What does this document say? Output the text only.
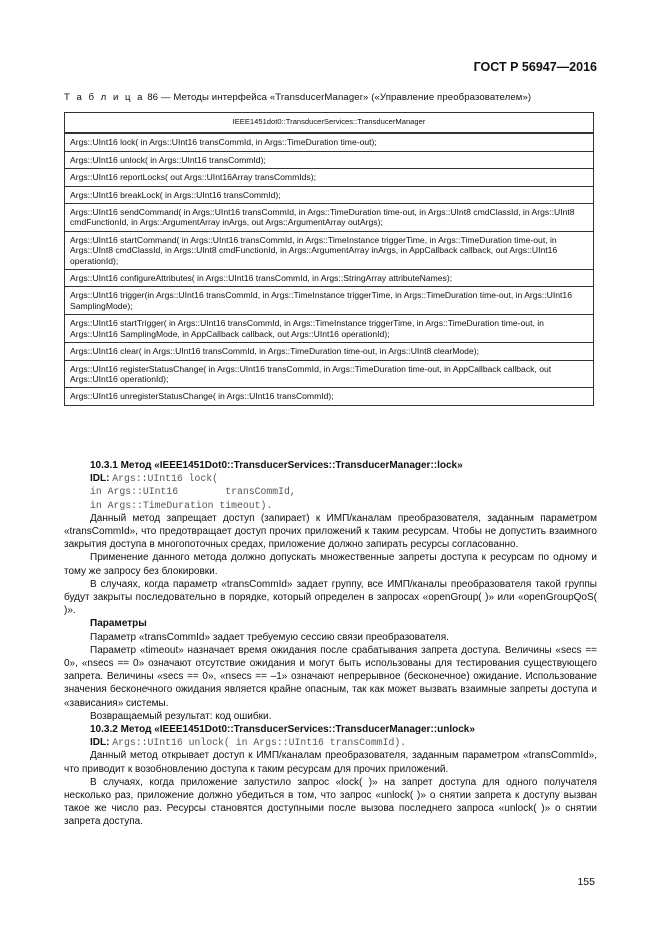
ГОСТ Р 56947—2016
Т а б л и ц а 86 — Методы интерфейса «TransducerManager» («Управление преобразователем»)
IEEE1451dot0::TransducerServices::TransducerManager
Args::UInt16 lock( in Args::UInt16 transCommId, in Args::TimeDuration time-out);
Args::UInt16 unlock( in Args::UInt16 transCommId);
Args::UInt16 reportLocks( out Args::UInt16Array transCommIds);
Args::UInt16 breakLock( in Args::UInt16 transCommId);
Args::UInt16 sendCommand( in Args::UInt16 transCommId, in Args::TimeDuration time-out, in Args::UInt8 cmdClassId, in Args::UInt8 cmdFunctionId, in Args::ArgumentArray inArgs, out Args::ArgumentArray outArgs);
Args::UInt16 startCommand( in Args::UInt16 transCommId, in Args::TimeInstance triggerTime, in Args::TimeDuration time-out, in Args::UInt8 cmdClassId, in Args::UInt8 cmdFunctionId, in Args::ArgumentArray inArgs, in AppCallback callback, out Args::UInt16 operationId);
Args::UInt16 configureAttributes( in Args::UInt16 transCommId, in Args::StringArray attributeNames);
Args::UInt16 trigger(in Args::UInt16 transCommId, in Args::TimeInstance triggerTime, in Args::TimeDuration time-out, in Args::UInt16 SamplingMode);
Args::UInt16 startTrigger( in Args::UInt16 transCommId, in Args::TimeInstance triggerTime, in Args::TimeDuration time-out, in Args::UInt16 SamplingMode, in AppCallback callback, out Args::UInt16 operationId);
Args::UInt16 clear( in Args::UInt16 transCommId, in Args::TimeDuration time-out, in Args::UInt8 clearMode);
Args::UInt16 registerStatusChange( in Args::UInt16 transCommId, in Args::TimeDuration time-out, in AppCallback callback, out Args::UInt16 operationId);
Args::UInt16 unregisterStatusChange( in Args::UInt16 transCommId);

10.3.1 Метод «IEEE1451Dot0::TransducerServices::TransducerManager::lock»

IDL: Args::UInt16 lock(
in Args::UInt16        transCommId,
in Args::TimeDuration timeout).

Данный метод запрещает доступ (запирает) к ИМП/каналам преобразователя, заданным параметром «transCommId», что предотвращает доступ прочих приложений к таким ресурсам. Чтобы не допустить взаимного закрытия доступа в многопоточных средах, приложение должно запирать ресурсы согласованно.

Применение данного метода должно допускать множественные запреты доступа к ресурсам по одному и тому же запросу без блокировки.

В случаях, когда параметр «transCommId» задает группу, все ИМП/каналы преобразователя такой группы будут закрыты последовательно в порядке, который определен в запросах «openGroup( )» или «openGroupQoS( )».

Параметры

Параметр «transCommId» задает требуемую сессию связи преобразователя.

Параметр «timeout» назначает время ожидания после срабатывания запрета доступа. Величины «secs == 0», «nsecs == 0» означают отсутствие ожидания и могут быть использованы для тестирования существующего запрета. Величины «secs == 0», «nsecs == –1» означают непрерывное (бесконечное) ожидание. Использование значения бесконечного ожидания является крайне опасным, так как может вызвать взаимные запреты доступа и «зависания» системы.

Возвращаемый результат: код ошибки.

10.3.2 Метод «IEEE1451Dot0::TransducerServices::TransducerManager::unlock»

IDL: Args::UInt16 unlock( in Args::UInt16 transCommId).

Данный метод открывает доступ к ИМП/каналам преобразователя, заданным параметром «transCommId», что приводит к возобновлению доступа к таким ресурсам для прочих приложений.

В случаях, когда приложение запустило запрос «lock( )» на запрет доступа для одного получателя несколько раз, приложение должно убедиться в том, что запрос «unlock( )» о снятии запрета к доступу вызван такое же число раз. Ресурсы становятся доступными после вызова последнего запроса «unlock( )» о снятии запрета доступа.

155
